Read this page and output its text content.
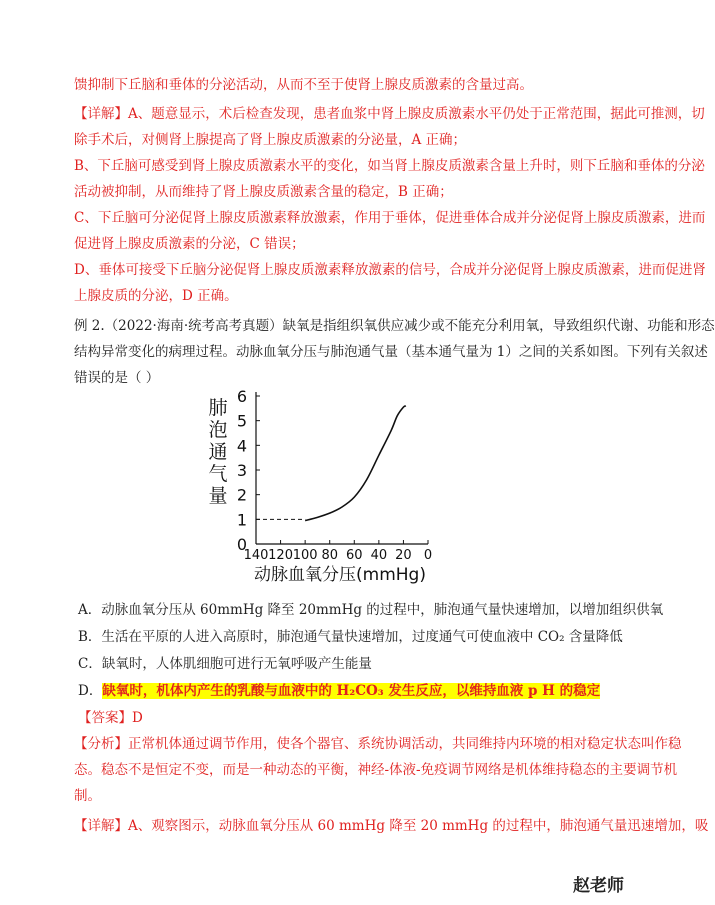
馈抑制下丘脑和垂体的分泌活动，从而不至于使肾上腺皮质激素的含量过高。
【详解】A、题意显示，术后检查发现，患者血浆中肾上腺皮质激素水平仍处于正常范围，据此可推测，切
除手术后，对侧肾上腺提高了肾上腺皮质激素的分泌量，A 正确；
B、下丘脑可感受到肾上腺皮质激素水平的变化，如当肾上腺皮质激素含量上升时，则下丘脑和垂体的分泌
活动被抑制，从而维持了肾上腺皮质激素含量的稳定，B 正确；
C、下丘脑可分泌促肾上腺皮质激素释放激素，作用于垂体，促进垂体合成并分泌促肾上腺皮质激素，进而
促进肾上腺皮质激素的分泌，C 错误；
D、垂体可接受下丘脑分泌促肾上腺皮质激素释放激素的信号，合成并分泌促肾上腺皮质激素，进而促进肾
上腺皮质的分泌，D 正确。
例 2.（2022·海南·统考高考真题）缺氧是指组织氧供应减少或不能充分利用氧，导致组织代谢、功能和形态
结构异常变化的病理过程。动脉血氧分压与肺泡通气量（基本通气量为 1）之间的关系如图。下列有关叙述
错误的是（ ）
0
1
2
3
4
5
6
140 120 100 80 60 40 20 0
肺
泡
通
气
量
动脉血氧分压(mmHg)
A．动脉血氧分压从 60mmHg 降至 20mmHg 的过程中，肺泡通气量快速增加，以增加组织供氧
B．生活在平原的人进入高原时，肺泡通气量快速增加，过度通气可使血液中 CO₂ 含量降低
C．缺氧时，人体肌细胞可进行无氧呼吸产生能量
D．缺氧时，机体内产生的乳酸与血液中的 H₂CO₃ 发生反应，以维持血液 p H 的稳定
【答案】D
【分析】正常机体通过调节作用，使各个器官、系统协调活动，共同维持内环境的相对稳定状态叫作稳
态。稳态不是恒定不变，而是一种动态的平衡，神经-体液-免疫调节网络是机体维持稳态的主要调节机
制。
【详解】A、观察图示，动脉血氧分压从 60 mmHg 降至 20 mmHg 的过程中，肺泡通气量迅速增加，吸
赵老师
